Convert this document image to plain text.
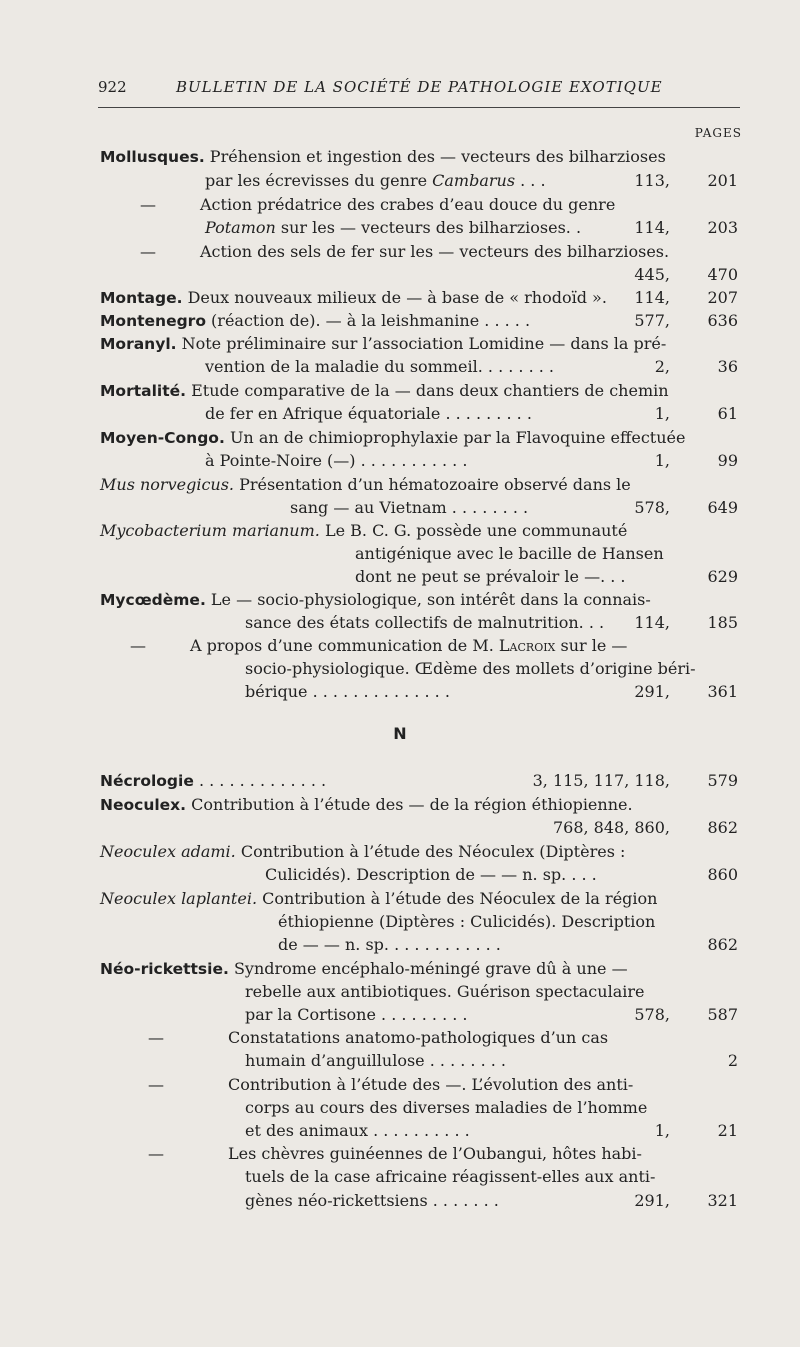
922	BULLETIN DE LA SOCIÉTÉ DE PATHOLOGIE EXOTIQUE
PAGES
Mollusques. Préhension et ingestion des — vecteurs des bilharzioses
par les écrevisses du genre Cambarus . . .	113, 201
—	Action prédatrice des crabes d’eau douce du genre
Potamon sur les — vecteurs des bilharzioses. .	114, 203
—	Action des sels de fer sur les — vecteurs des bilharzioses.
445, 470
Montage. Deux nouveaux milieux de — à base de « rhodoïd ». 114, 207
Montenegro (réaction de). — à la leishmanine . . . . .	577, 636
Moranyl. Note préliminaire sur l’association Lomidine — dans la pré-
vention de la maladie du sommeil. . . . . . . .	2,	36
Mortalité. Etude comparative de la — dans deux chantiers de chemin
de fer en Afrique équatoriale . . . . . . . . .	1,	61
Moyen-Congo. Un an de chimioprophylaxie par la Flavoquine effectuée
à Pointe-Noire (—) . . . . . . . . . . .	1,	99
Mus norvegicus. Présentation d’un hématozoaire observé dans le
sang — au Vietnam . . . . . . . .	578, 649
Mycobacterium marianum. Le B. C. G. possède une communauté
antigénique avec le bacille de Hansen
dont ne peut se prévaloir le —. . .	629
Mycœdème. Le — socio-physiologique, son intérêt dans la connais-
sance des états collectifs de malnutrition. . . 114, 185
—	A propos d’une communication de M. Lacroix sur le —
socio-physiologique. Œdème des mollets d’origine béri-
bérique . . . . . . . . . . . . . .	291, 361
N
Nécrologie . . . . . . . . . . . . .	3, 115, 117, 118, 579
Neoculex. Contribution à l’étude des — de la région éthiopienne.
768, 848, 860, 862
Neoculex adami. Contribution à l’étude des Néoculex (Diptères :
Culicidés). Description de — — n. sp. . . .	860
Neoculex laplantei. Contribution à l’étude des Néoculex de la région
éthiopienne (Diptères : Culicidés). Description
de — — n. sp. . . . . . . . . . . .	862
Néo-rickettsie. Syndrome encéphalo-méningé grave dû à une —
rebelle aux antibiotiques. Guérison spectaculaire
par la Cortisone . . . . . . . . .	578, 587
—	Constatations anatomo-pathologiques d’un cas
humain d’anguillulose . . . . . . . .	2
—	Contribution à l’étude des —. L’évolution des anti-
corps au cours des diverses maladies de l’homme
et des animaux . . . . . . . . . .	1,	21
—	Les chèvres guinéennes de l’Oubangui, hôtes habi-
tuels de la case africaine réagissent-elles aux anti-
gènes néo-rickettsiens . . . . . . .	291, 321
